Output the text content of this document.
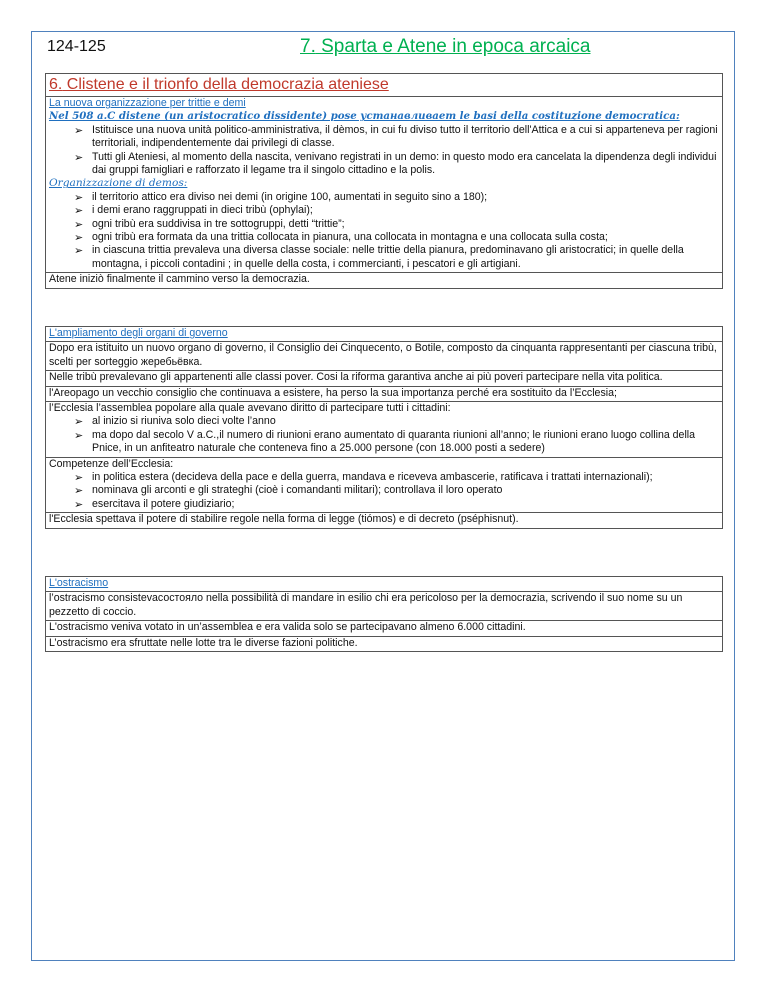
124-125	7. Sparta e Atene in epoca arcaica
6. Clistene e il trionfo della democrazia ateniese
La nuova organizzazione per trittie e demi
Nel 508 a.C distene (un aristocratico dissidente) pose устанавливает le basi della costituzione democratica:
➢ Istituisce una nuova unità politico-amministrativa, il dèmos, in cui fu diviso tutto il territorio dell'Attica e a cui si apparteneva per ragioni territoriali, indipendentemente dai privilegi di classe.
➢ Tutti gli Ateniesi, al momento della nascita, venivano registrati in un demo: in questo modo era cancelata la dipendenza degli individui dai gruppi famigliari e rafforzato il legame tra il singolo cittadino e la polis.
Organizzazione di demos:
➢ il territorio attico era diviso nei demi (in origine 100, aumentati in seguito sino a 180);
➢ i demi erano raggruppati in dieci tribù (ophylai);
➢ ogni tribù era suddivisa in tre sottogruppi, detti “trittie”;
➢ ogni tribù era formata da una trittia collocata in pianura, una collocata in montagna e una collocata sulla costa;
➢ in ciascuna trittia prevaleva una diversa classe sociale: nelle trittie della pianura, predominavano gli aristocratici; in quelle della montagna, i piccoli contadini ; in quelle della costa, i commercianti, i pescatori e gli artigiani.
Atene iniziò finalmente il cammino verso la democrazia.
L'ampliamento degli organi di governo
Dopo era istituito un nuovo organo di governo, il Consiglio dei Cinquecento, o Botile, composto da cinquanta rappresentanti per ciascuna tribù, scelti per sorteggio жеребьёвка.
Nelle tribù prevalevano gli appartenenti alle classi pover. Cosi la riforma garantiva anche ai più poveri partecipare nella vita politica.
l'Areopago un vecchio consiglio che continuava a esistere, ha perso la sua importanza perché era sostituito da l’Ecclesia;
l’Ecclesia l’assemblea popolare alla quale avevano diritto di partecipare tutti i cittadini:
➢ al inizio si riuniva solo dieci volte l’anno
➢ ma dopo dal secolo V a.C.,il numero di riunioni erano aumentato di quaranta riunioni all’anno; le riunioni erano luogo collina della Pnice, in un anfiteatro naturale che conteneva fino a 25.000 persone (con 18.000 posti a sedere)
Competenze dell’Ecclesia:
➢ in politica estera (decideva della pace e della guerra, mandava e riceveva ambascerie, ratificava i trattati internazionali);
➢ nominava gli arconti e gli strateghi (cioè i comandanti militari); controllava il loro operato
➢ esercitava il potere giudiziario;
l'Ecclesia spettava il potere di stabilire regole nella forma di legge (tiómos) e di decreto (pséphisnut).
L'ostracismo
l’ostracismo consistevaсостояло nella possibilità di mandare in esilio chi era pericoloso per la democrazia, scrivendo il suo nome su un pezzetto di coccio.
L'ostracismo veniva votato in un’assemblea e era valida solo se partecipavano almeno 6.000 cittadini.
L’ostracismo era sfruttate nelle lotte tra le diverse fazioni politiche.
